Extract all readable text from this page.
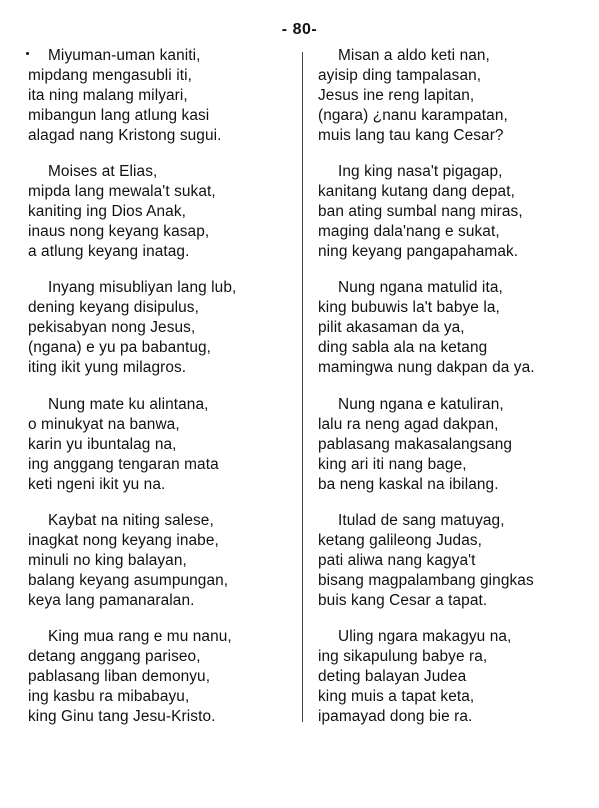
- 80-
Miyuman-uman kaniti,
mipdang mengasubli iti,
ita ning malang milyari,
mibangun lang atlung kasi
alagad nang Kristong sugui.
Moises at Elias,
mipda lang mewala't sukat,
kaniting ing Dios Anak,
inaus nong keyang kasap,
a atlung keyang inatag.
Inyang misubliyan lang lub,
dening keyang disipulus,
pekisabyan nong Jesus,
(ngana) e yu pa babantug,
iting ikit yung milagros.
Nung mate ku alintana,
o minukyat na banwa,
karin yu ibuntalag na,
ing anggang tengaran mata
keti ngeni ikit yu na.
Kaybat na niting salese,
inagkat nong keyang inabe,
minuli no king balayan,
balang keyang asumpungan,
keya lang pamanaralan.
King mua rang e mu nanu,
detang anggang pariseo,
pablasang liban demonyu,
ing kasbu ra mibabayu,
king Ginu tang Jesu-Kristo.
Misan a aldo keti nan,
ayisip ding tampalasan,
Jesus ine reng lapitan,
(ngara) ¿nanu karampatan,
muis lang tau kang Cesar?
Ing king nasa't pigagap,
kanitang kutang dang depat,
ban ating sumbal nang miras,
maging dala'nang e sukat,
ning keyang pangapahamak.
Nung ngana matulid ita,
king bubuwis la't babye la,
pilit akasaman da ya,
ding sabla ala na ketang
mamingwa nung dakpan da ya.
Nung ngana e katuliran,
lalu ra neng agad dakpan,
pablasang makasalangsang
king ari iti nang bage,
ba neng kaskal na ibilang.
Itulad de sang matuyag,
ketang galileong Judas,
pati aliwa nang kagya't
bisang magpalambang gingkas
buis kang Cesar a tapat.
Uling ngara makagyu na,
ing sikapulung babye ra,
deting balayan Judea
king muis a tapat keta,
ipamayad dong bie ra.
